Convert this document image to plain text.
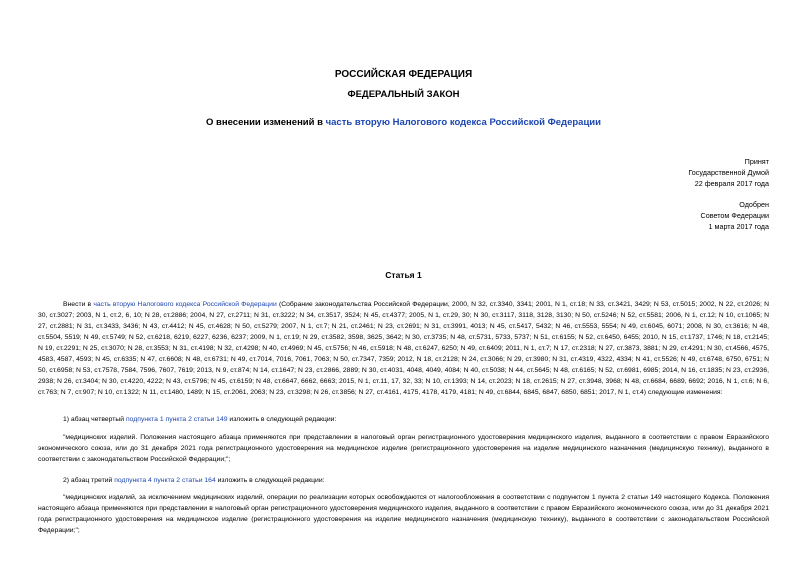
РОССИЙСКАЯ ФЕДЕРАЦИЯ
ФЕДЕРАЛЬНЫЙ ЗАКОН
О внесении изменений в часть вторую Налогового кодекса Российской Федерации
Принят
Государственной Думой
22 февраля 2017 года
Одобрен
Советом Федерации
1 марта 2017 года
Статья 1
Внести в часть вторую Налогового кодекса Российской Федерации (Собрание законодательства Российской Федерации, 2000, N 32, ст.3340, 3341; 2001, N 1, ст.18; N 33, ст.3421, 3429; N 53, ст.5015; 2002, N 22, ст.2026; N 30, ст.3027; 2003, N 1, ст.2, 6, 10; N 28, ст.2886; 2004, N 27, ст.2711; N 31, ст.3222; N 34, ст.3517, 3524; N 45, ст.4377; 2005, N 1, ст.29, 30; N 30, ст.3117, 3118, 3128, 3130; N 50, ст.5246; N 52, ст.5581; 2006, N 1, ст.12; N 10, ст.1065; N 27, ст.2881; N 31, ст.3433, 3436; N 43, ст.4412; N 45, ст.4628; N 50, ст.5279; 2007, N 1, ст.7; N 21, ст.2461; N 23, ст.2691; N 31, ст.3991, 4013; N 45, ст.5417, 5432; N 46, ст.5553, 5554; N 49, ст.6045, 6071; 2008, N 30, ст.3616; N 48, ст.5504, 5519; N 49, ст.5749; N 52, ст.6218, 6219, 6227, 6236, 6237; 2009, N 1, ст.19; N 29, ст.3582, 3598, 3625, 3642; N 30, ст.3735; N 48, ст.5731, 5733, 5737; N 51, ст.6155; N 52, ст.6450, 6455; 2010, N 15, ст.1737, 1746; N 18, ст.2145; N 19, ст.2291; N 25, ст.3070; N 28, ст.3553; N 31, ст.4198; N 32, ст.4298; N 40, ст.4969; N 45, ст.5756; N 46, ст.5918; N 48, ст.6247, 6250; N 49, ст.6409; 2011, N 1, ст.7; N 17, ст.2318; N 27, ст.3873, 3881; N 29, ст.4291; N 30, ст.4566, 4575, 4583, 4587, 4593; N 45, ст.6335; N 47, ст.6608; N 48, ст.6731; N 49, ст.7014, 7016, 7061, 7063; N 50, ст.7347, 7359; 2012, N 18, ст.2128; N 24, ст.3066; N 29, ст.3980; N 31, ст.4319, 4322, 4334; N 41, ст.5526; N 49, ст.6748, 6750, 6751; N 50, ст.6958; N 53, ст.7578, 7584, 7596, 7607, 7619; 2013, N 9, ст.874; N 14, ст.1647; N 23, ст.2866, 2889; N 30, ст.4031, 4048, 4049, 4084; N 40, ст.5038; N 44, ст.5645; N 48, ст.6165; N 52, ст.6981, 6985; 2014, N 16, ст.1835; N 23, ст.2936, 2938; N 26, ст.3404; N 30, ст.4220, 4222; N 43, ст.5796; N 45, ст.6159; N 48, ст.6647, 6662, 6663; 2015, N 1, ст.11, 17, 32, 33; N 10, ст.1393; N 14, ст.2023; N 18, ст.2615; N 27, ст.3948, 3968; N 48, ст.6684, 6689, 6692; 2016, N 1, ст.6; N 6, ст.763; N 7, ст.907; N 10, ст.1322; N 11, ст.1480, 1489; N 15, ст.2061, 2063; N 23, ст.3298; N 26, ст.3856; N 27, ст.4161, 4175, 4178, 4179, 4181; N 49, ст.6844, 6845, 6847, 6850, 6851; 2017, N 1, ст.4) следующие изменения:
1) абзац четвертый подпункта 1 пункта 2 статьи 149 изложить в следующей редакции:
"медицинских изделий. Положения настоящего абзаца применяются при представлении в налоговый орган регистрационного удостоверения медицинского изделия, выданного в соответствии с правом Евразийского экономического союза, или до 31 декабря 2021 года регистрационного удостоверения на медицинское изделие (регистрационного удостоверения на изделие медицинского назначения (медицинскую технику), выданного в соответствии с законодательством Российской Федерации;";
2) абзац третий подпункта 4 пункта 2 статьи 164 изложить в следующей редакции:
"медицинских изделий, за исключением медицинских изделий, операции по реализации которых освобождаются от налогообложения в соответствии с подпунктом 1 пункта 2 статьи 149 настоящего Кодекса. Положения настоящего абзаца применяются при представлении в налоговый орган регистрационного удостоверения медицинского изделия, выданного в соответствии с правом Евразийского экономического союза, или до 31 декабря 2021 года регистрационного удостоверения на медицинское изделие (регистрационного удостоверения на изделие медицинского назначения (медицинскую технику), выданного в соответствии с законодательством Российской Федерации;";
